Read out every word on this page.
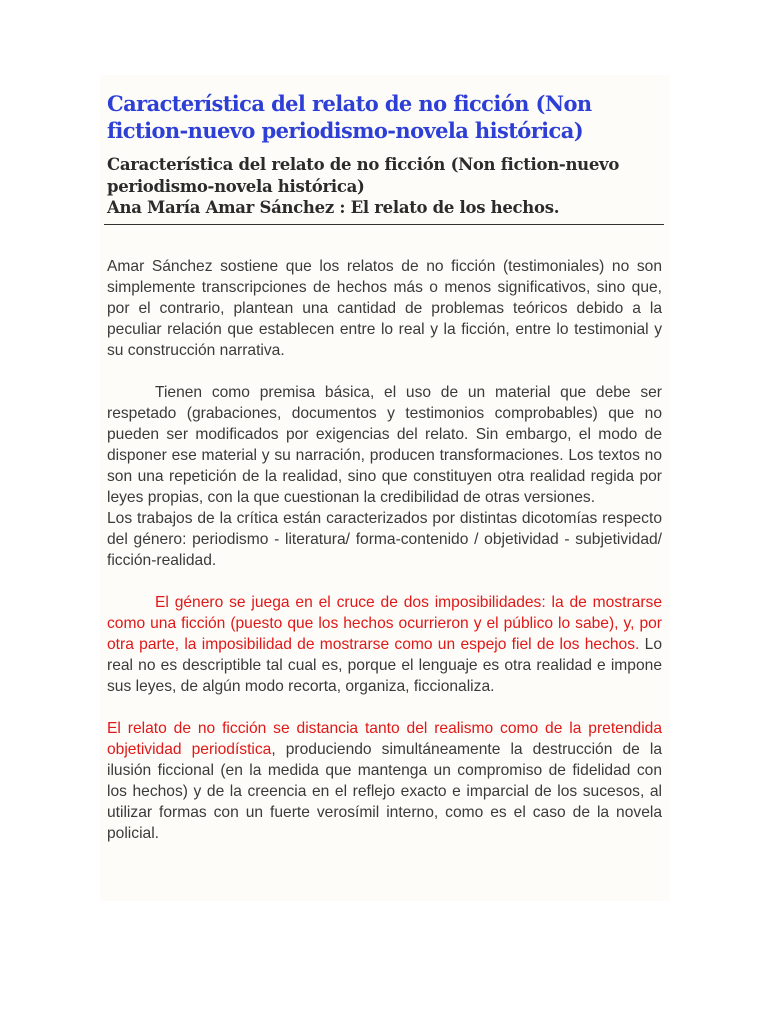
Característica del relato de no ficción (Non fiction-nuevo periodismo-novela histórica)
Característica del relato de no ficción (Non fiction-nuevo
periodismo-novela histórica)
Ana María Amar Sánchez : El relato de los hechos.

Amar Sánchez sostiene que los relatos de no ficción (testimoniales) no son simplemente transcripciones de hechos más o menos significativos, sino que, por el contrario, plantean una cantidad de problemas teóricos debido a la peculiar relación que establecen entre lo real y la ficción, entre lo testimonial y su construcción narrativa.

Tienen como premisa básica, el uso de un material que debe ser respetado (grabaciones, documentos y testimonios comprobables) que no pueden ser modificados por exigencias del relato. Sin embargo, el modo de disponer ese material y su narración, producen transformaciones. Los textos no son una repetición de la realidad, sino que constituyen otra realidad regida por leyes propias, con la que cuestionan la credibilidad de otras versiones.

Los trabajos de la crítica están caracterizados por distintas dicotomías respecto del género: periodismo - literatura/ forma-contenido / objetividad - subjetividad/ ficción-realidad.

El género se juega en el cruce de dos imposibilidades: la de mostrarse como una ficción (puesto que los hechos ocurrieron y el público lo sabe), y, por otra parte, la imposibilidad de mostrarse como un espejo fiel de los hechos. Lo real no es descriptible tal cual es, porque el lenguaje es otra realidad e impone sus leyes, de algún modo recorta, organiza, ficcionaliza.

El relato de no ficción se distancia tanto del realismo como de la pretendida objetividad periodística, produciendo simultáneamente la destrucción de la ilusión ficcional (en la medida que mantenga un compromiso de fidelidad con los hechos) y de la creencia en el reflejo exacto e imparcial de los sucesos, al utilizar formas con un fuerte verosímil interno, como es el caso de la novela policial.
